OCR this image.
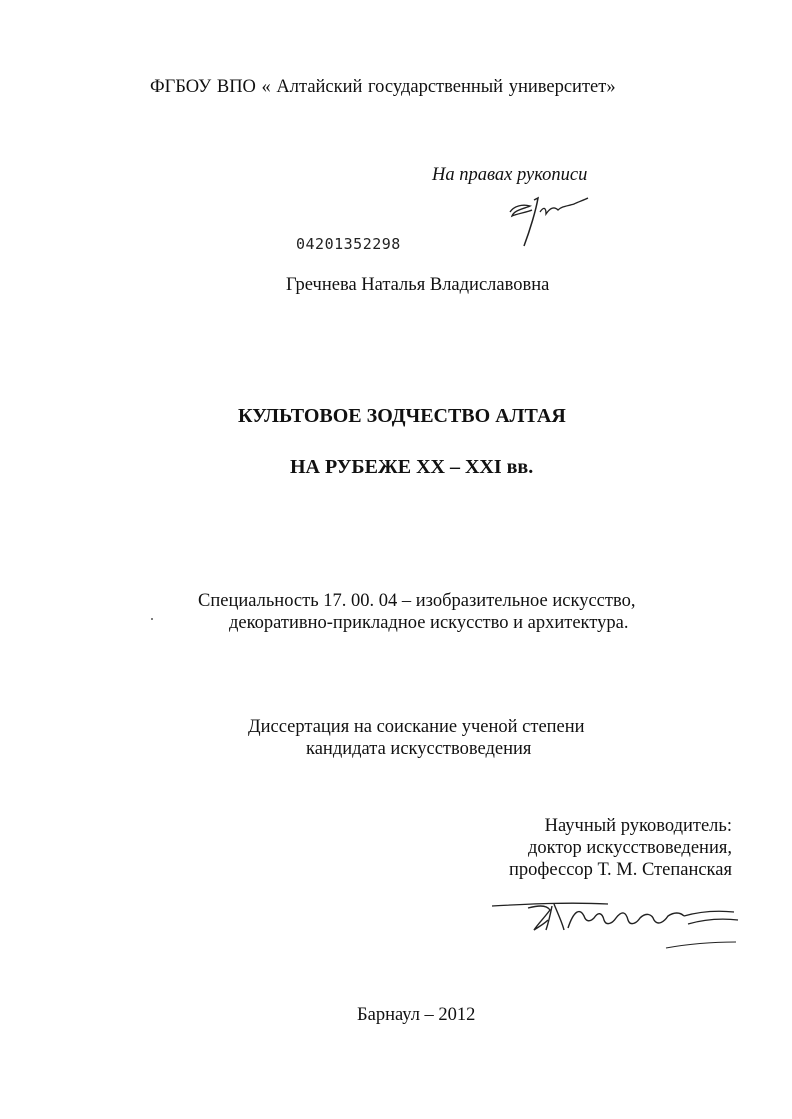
ФГБОУ ВПО « Алтайский государственный университет»
На правах рукописи
04201352298
Гречнева Наталья Владиславовна
КУЛЬТОВОЕ ЗОДЧЕСТВО АЛТАЯ
НА РУБЕЖЕ XX – XXI вв.
Специальность 17. 00. 04 – изобразительное искусство,
декоративно-прикладное искусство и архитектура.
Диссертация на соискание ученой степени
кандидата искусствоведения
Научный руководитель:
доктор искусствоведения,
профессор Т. М. Степанская
Барнаул – 2012
